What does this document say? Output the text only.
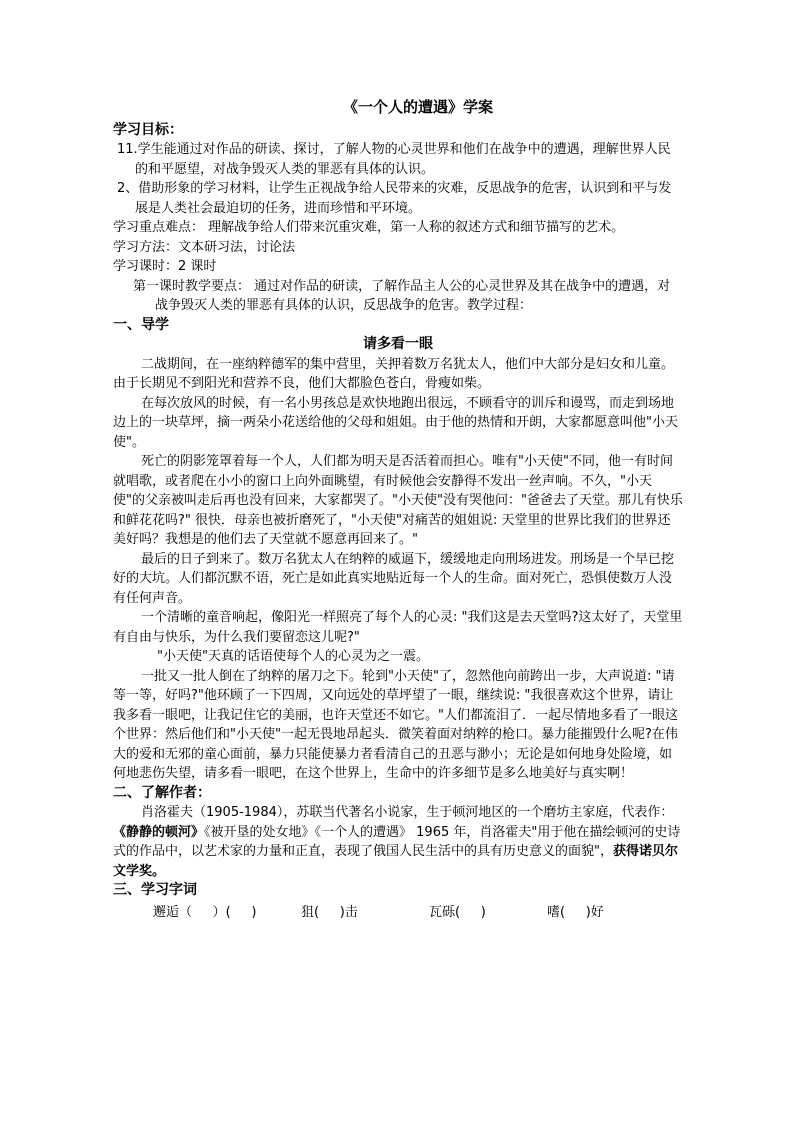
《一个人的遭遇》学案
学习目标：

11.学生能通过对作品的研读、探讨，了解人物的心灵世界和他们在战争中的遭遇，理解世界人民的和平愿望，对战争毁灭人类的罪恶有具体的认识。

2、借助形象的学习材料，让学生正视战争给人民带来的灾难，反思战争的危害，认识到和平与发展是人类社会最迫切的任务，进而珍惜和平环境。

学习重点难点： 理解战争给人们带来沉重灾难，第一人称的叙述方式和细节描写的艺术。

学习方法：文本研习法，讨论法

学习课时：2 课时

第一课时教学要点： 通过对作品的研读，了解作品主人公的心灵世界及其在战争中的遭遇，对战争毁灭人类的罪恶有具体的认识，反思战争的危害。教学过程：

一、导学
请多看一眼

二战期间，在一座纳粹德军的集中营里，关押着数万名犹太人，他们中大部分是妇女和儿童。由于长期见不到阳光和营养不良，他们大都脸色苍白，骨瘦如柴。

在每次放风的时候，有一名小男孩总是欢快地跑出很远，不顾看守的训斥和谩骂，而走到场地边上的一块草坪，摘一两朵小花送给他的父母和姐姐。由于他的热情和开朗，大家都愿意叫他"小天使"。

死亡的阴影笼罩着每一个人，人们都为明天是否活着而担心。唯有"小天使"不同，他一有时间就唱歌，或者爬在小小的窗口上向外面眺望，有时候他会安静得不发出一丝声响。不久，"小天使"的父亲被叫走后再也没有回来，大家都哭了。"小天使"没有哭他问："爸爸去了天堂。那儿有快乐和鲜花花吗?" 很快．母亲也被折磨死了，"小天使"对痛苦的姐姐说: 天堂里的世界比我们的世界还美好吗？我想是的他们去了天堂就不愿意再回来了。"

最后的日子到来了。数万名犹太人在纳粹的威逼下，缓缓地走向刑场进发。刑场是一个早已挖好的大坑。人们都沉默不语，死亡是如此真实地贴近每一个人的生命。面对死亡，恐惧使数万人没有任何声音。

一个清晰的童音响起，像阳光一样照亮了每个人的心灵: "我们这是去天堂吗?这太好了，天堂里有自由与快乐，为什么我们要留恋这儿呢?"

"小天使"天真的话语使每个人的心灵为之一震。

一批又一批人倒在了纳粹的屠刀之下。轮到"小天使"了，忽然他向前跨出一步，大声说道: "请等一等，好吗?"他环顾了一下四周，又向远处的草坪望了一眼，继续说: "我很喜欢这个世界，请让我多看一眼吧，让我记住它的美丽，也许天堂还不如它。"人们都流泪了．一起尽情地多看了一眼这个世界：然后他们和"小天使"一起无畏地昂起头．微笑着面对纳粹的枪口。暴力能摧毁什么呢?在伟大的爱和无邪的童心面前，暴力只能使暴力者看清自己的丑恶与渺小；无论是如何地身处险境，如何地悲伤失望，请多看一眼吧，在这个世界上，生命中的许多细节是多么地美好与真实啊！

二、了解作者：

肖洛霍夫（1905-1984），苏联当代著名小说家，生于顿河地区的一个磨坊主家庭，代表作：《静静的顿河》《被开垦的处女地》《一个人的遭遇》 1965 年，肖洛霍夫"用于他在描绘顿河的史诗式的作品中，以艺术家的力量和正直，表现了俄国人民生活中的具有历史意义的面貌"，获得诺贝尔文学奖。

三、学习字词
邂逅（     ）(     )	狙(     )击	瓦砾(     )	嗜(     )好
